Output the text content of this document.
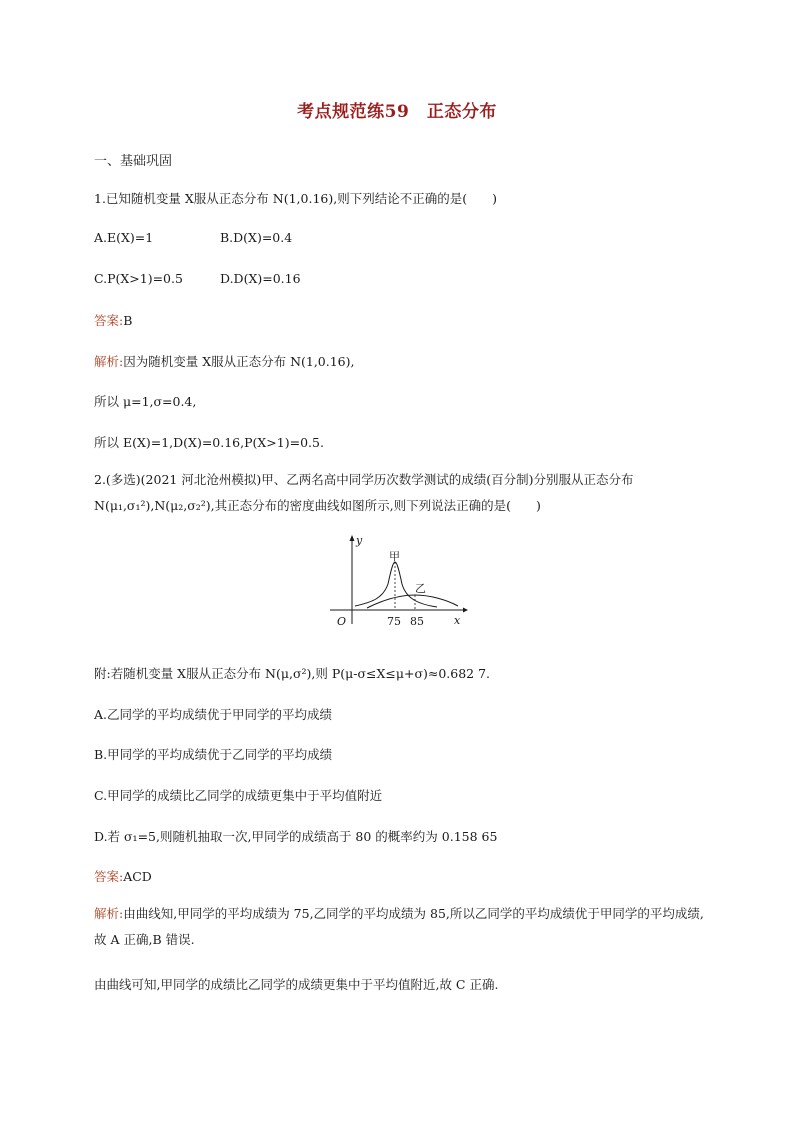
考点规范练59　正态分布
一、基础巩固
1.已知随机变量 X服从正态分布 N(1,0.16),则下列结论不正确的是(　　)
A.E(X)=1	B.D(X)=0.4
C.P(X>1)=0.5	D.D(X)=0.16
答案:B
解析:因为随机变量 X服从正态分布 N(1,0.16),
所以 μ=1,σ=0.4,
所以 E(X)=1,D(X)=0.16,P(X>1)=0.5.
2.(多选)(2021 河北沧州模拟)甲、乙两名高中同学历次数学测试的成绩(百分制)分别服从正态分布 N(μ₁,σ₁²),N(μ₂,σ₂²),其正态分布的密度曲线如图所示,则下列说法正确的是(　　)
y
x
O
甲
乙
75 85
附:若随机变量 X服从正态分布 N(μ,σ²),则 P(μ-σ≤X≤μ+σ)≈0.682 7.
A.乙同学的平均成绩优于甲同学的平均成绩
B.甲同学的平均成绩优于乙同学的平均成绩
C.甲同学的成绩比乙同学的成绩更集中于平均值附近
D.若 σ₁=5,则随机抽取一次,甲同学的成绩高于 80 的概率约为 0.158 65
答案:ACD
解析:由曲线知,甲同学的平均成绩为 75,乙同学的平均成绩为 85,所以乙同学的平均成绩优于甲同学的平均成绩,故 A 正确,B 错误.
由曲线可知,甲同学的成绩比乙同学的成绩更集中于平均值附近,故 C 正确.
